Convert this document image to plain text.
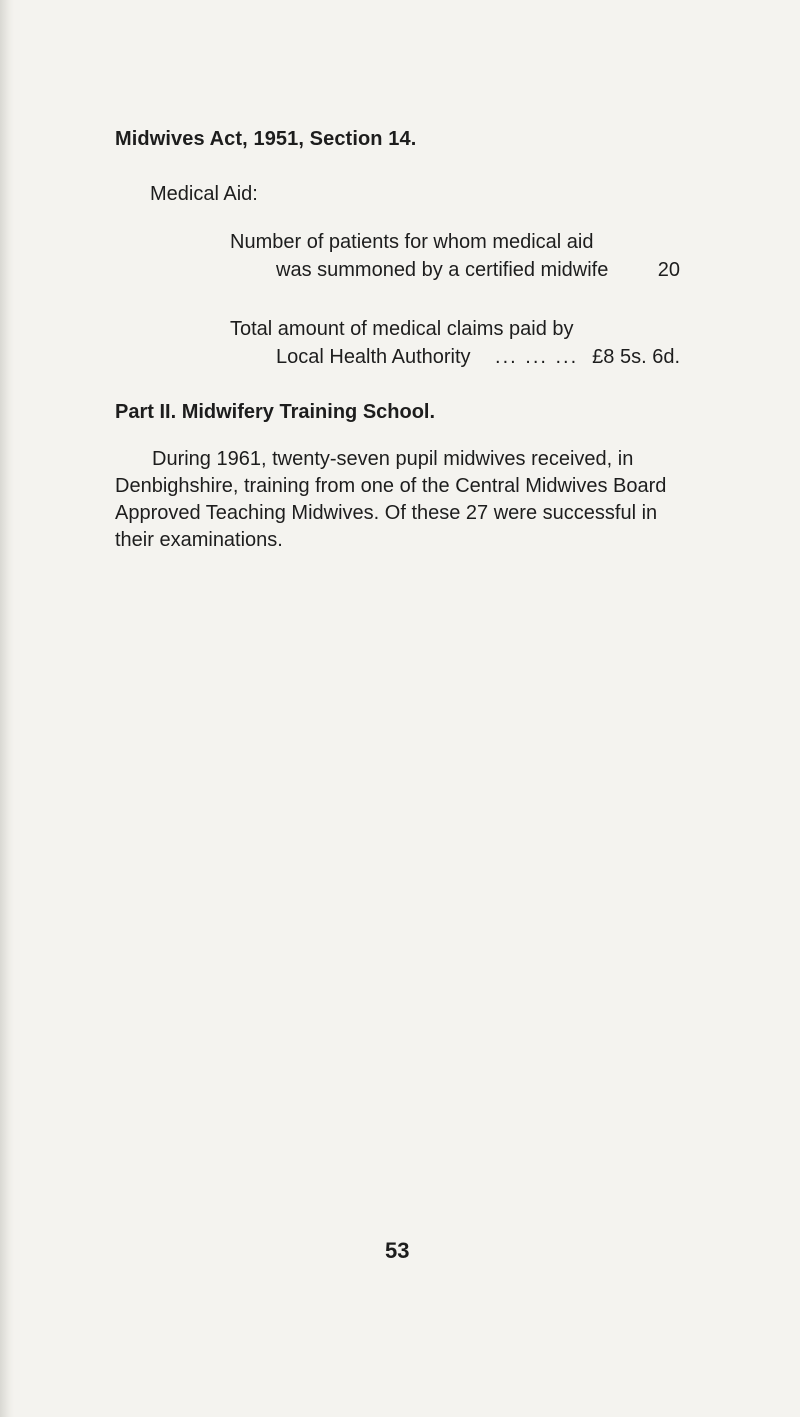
Midwives Act, 1951, Section 14.
Medical Aid:
Number of patients for whom medical aid
was summoned by a certified midwife 20
Total amount of medical claims paid by
Local Health Authority	... ... ... £8 5s. 6d.
Part II. Midwifery Training School.
During 1961, twenty-seven pupil midwives received, in
Denbighshire, training from one of the Central Midwives Board
Approved Teaching Midwives. Of these 27 were successful in
their examinations.
53
